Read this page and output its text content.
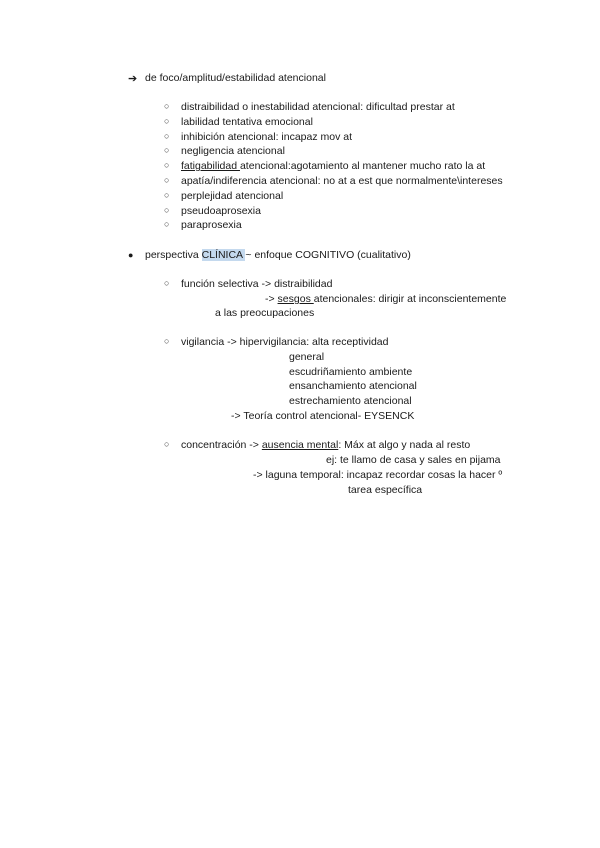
➔ de foco/amplitud/estabilidad atencional
○ distraibilidad o inestabilidad atencional: dificultad prestar at
○ labilidad tentativa emocional
○ inhibición atencional: incapaz mov at
○ negligencia atencional
○ fatigabilidad atencional:agotamiento al mantener mucho rato la at
○ apatía/indiferencia atencional: no at a est que normalmente\intereses
○ perplejidad atencional
○ pseudoaprosexia
○ paraprosexia
● perspectiva CLÍNICA ~ enfoque COGNITIVO (cualitativo)
○ función selectiva -> distraibilidad
-> sesgos atencionales: dirigir at inconscientemente
a las preocupaciones
○ vigilancia -> hipervigilancia: alta receptividad
general
escudriñamiento ambiente
ensanchamiento atencional
estrechamiento atencional
-> Teoría control atencional- EYSENCK
○ concentración -> ausencia mental: Máx at algo y nada al resto
ej: te llamo de casa y sales en pijama
-> laguna temporal: incapaz recordar cosas la hacer º
tarea específica
